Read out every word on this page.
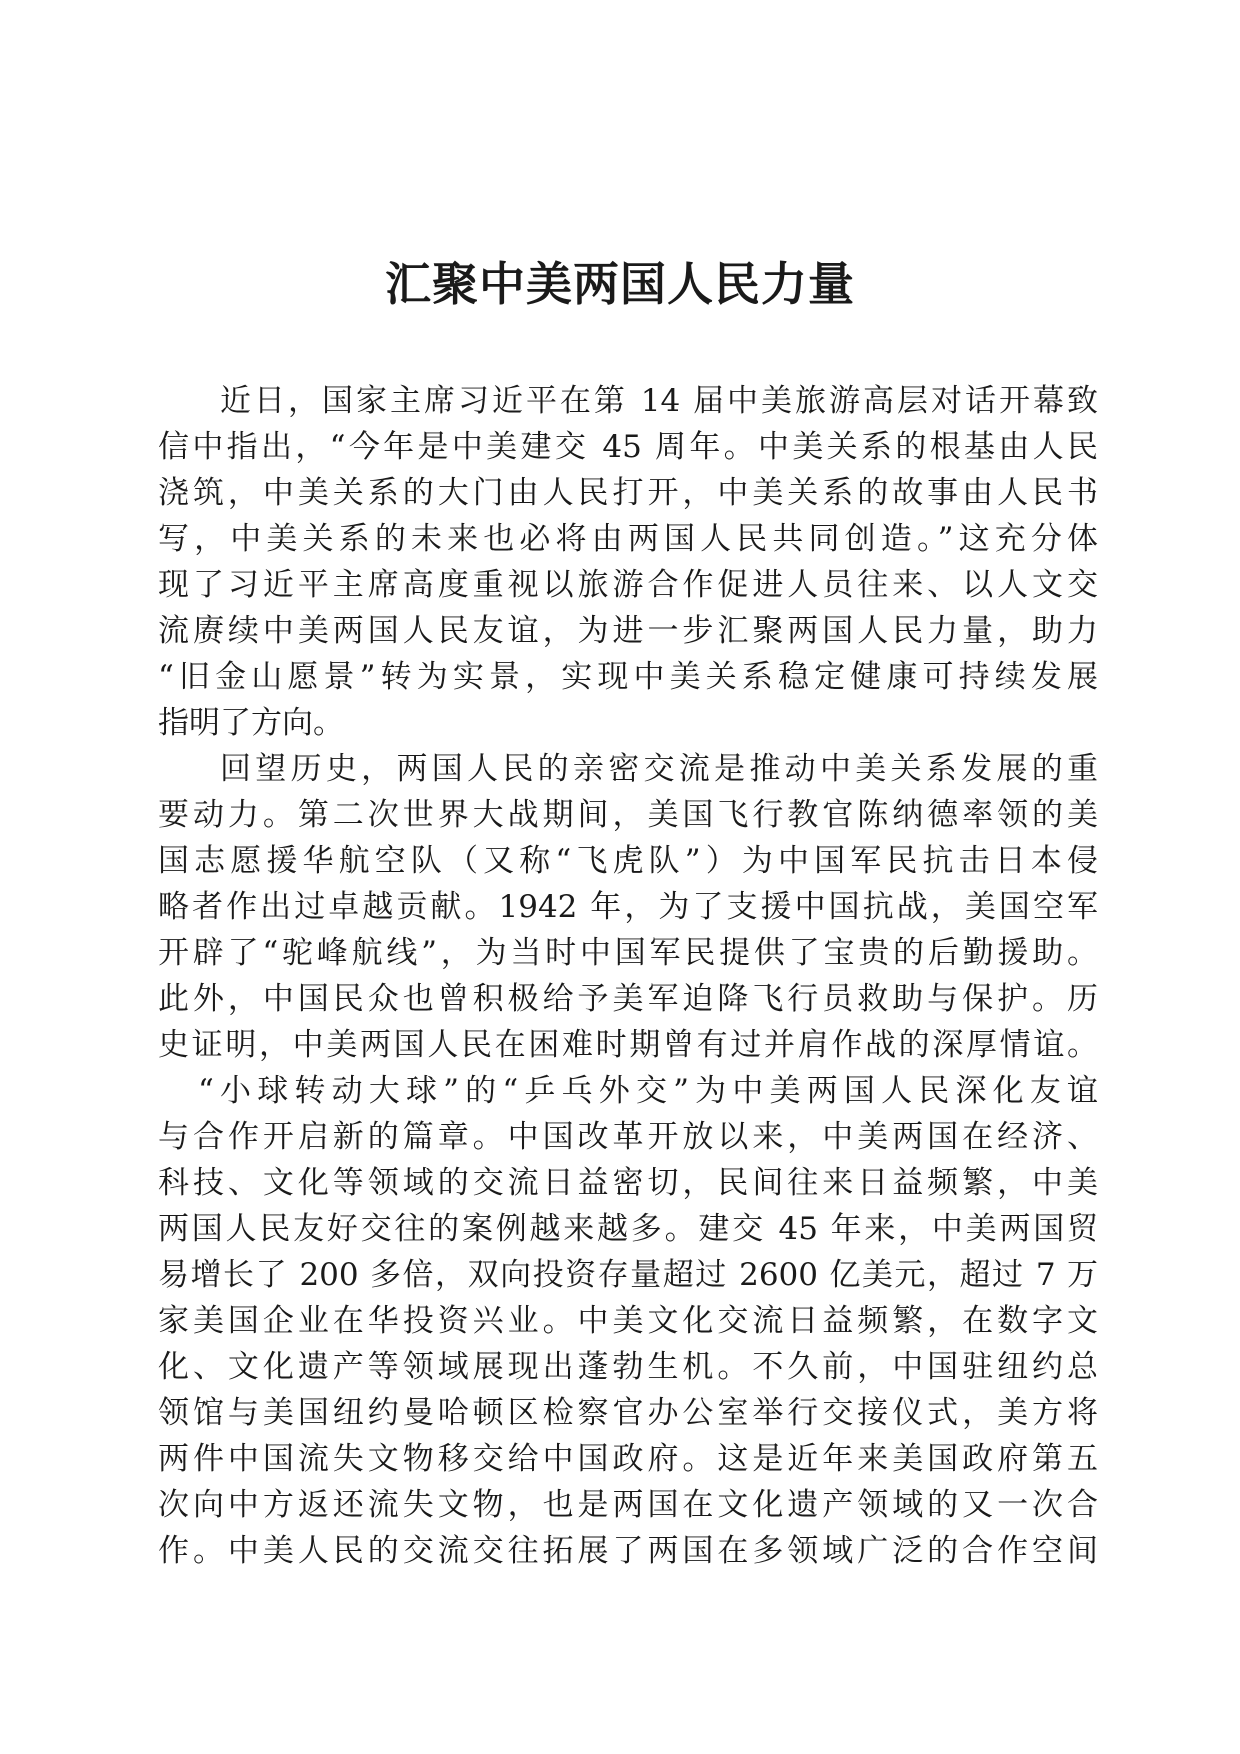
汇聚中美两国人民力量
近日，国家主席习近平在第 14 届中美旅游高层对话开幕致
信中指出，“今年是中美建交 45 周年。中美关系的根基由人民
浇筑，中美关系的大门由人民打开，中美关系的故事由人民书
写，中美关系的未来也必将由两国人民共同创造。”这充分体
现了习近平主席高度重视以旅游合作促进人员往来、以人文交
流赓续中美两国人民友谊，为进一步汇聚两国人民力量，助力
“旧金山愿景”转为实景，实现中美关系稳定健康可持续发展
指明了方向。
回望历史，两国人民的亲密交流是推动中美关系发展的重
要动力。第二次世界大战期间，美国飞行教官陈纳德率领的美
国志愿援华航空队（又称“飞虎队”）为中国军民抗击日本侵
略者作出过卓越贡献。1942 年，为了支援中国抗战，美国空军
开辟了“驼峰航线”，为当时中国军民提供了宝贵的后勤援助。
此外，中国民众也曾积极给予美军迫降飞行员救助与保护。历
史证明，中美两国人民在困难时期曾有过并肩作战的深厚情谊。
“小球转动大球”的“乒乓外交”为中美两国人民深化友谊
与合作开启新的篇章。中国改革开放以来，中美两国在经济、
科技、文化等领域的交流日益密切，民间往来日益频繁，中美
两国人民友好交往的案例越来越多。建交 45 年来，中美两国贸
易增长了 200 多倍，双向投资存量超过 2600 亿美元，超过 7 万
家美国企业在华投资兴业。中美文化交流日益频繁，在数字文
化、文化遗产等领域展现出蓬勃生机。不久前，中国驻纽约总
领馆与美国纽约曼哈顿区检察官办公室举行交接仪式，美方将
两件中国流失文物移交给中国政府。这是近年来美国政府第五
次向中方返还流失文物，也是两国在文化遗产领域的又一次合
作。中美人民的交流交往拓展了两国在多领域广泛的合作空间
